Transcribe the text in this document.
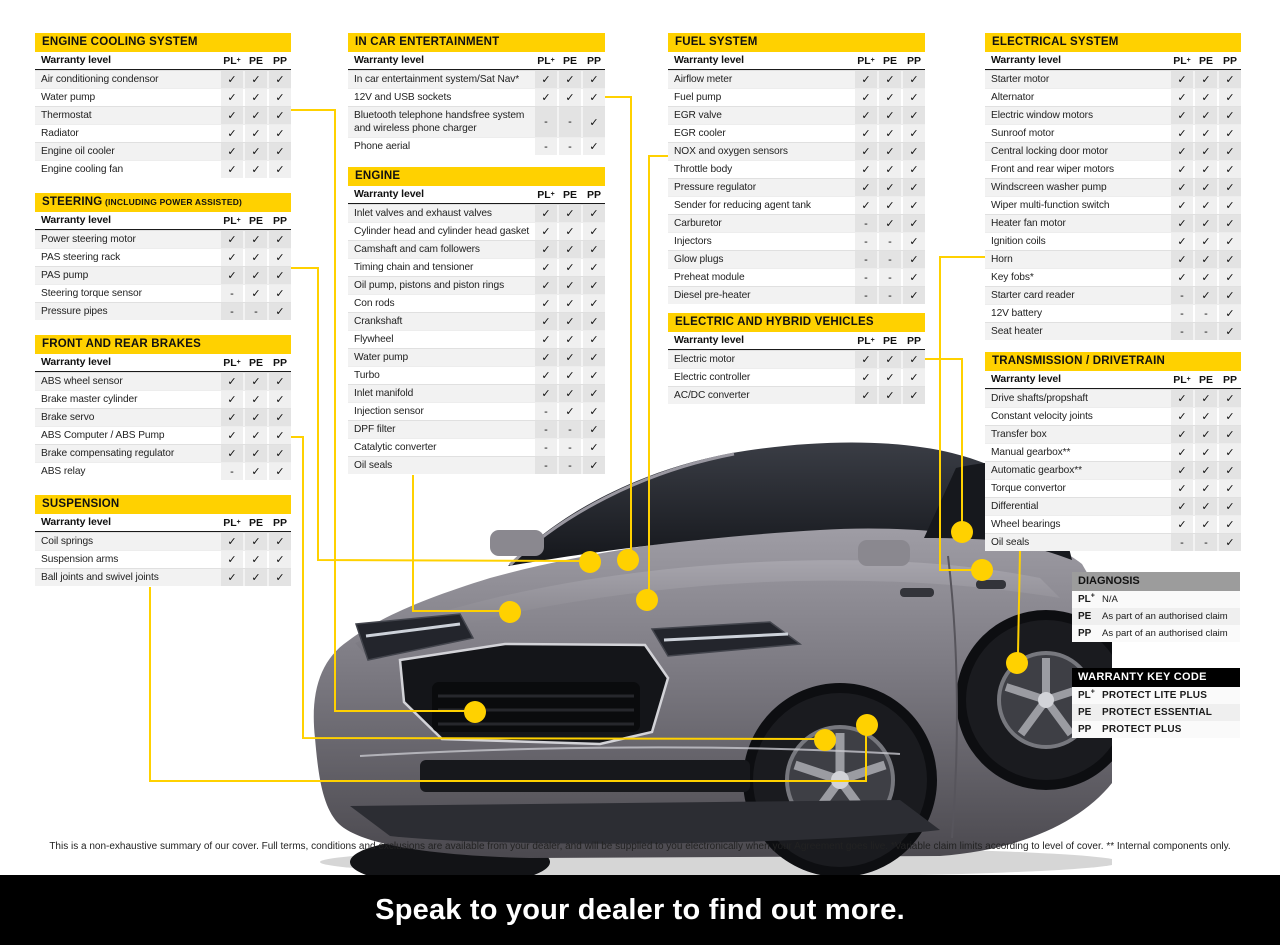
ENGINE COOLING SYSTEM
Warranty level	PL + PE PP
Air conditioning condensor	✓	✓	✓
Water pump	✓	✓	✓
Thermostat	✓	✓	✓
Radiator	✓	✓	✓
Engine oil cooler	✓	✓	✓
Engine cooling fan	✓	✓	✓
STEERING (INCLUDING POWER ASSISTED)
Warranty level	PL + PE PP
Power steering motor	✓	✓	✓
PAS steering rack	✓	✓	✓
PAS pump	✓	✓	✓
Steering torque sensor	-	✓	✓
Pressure pipes	-	-	✓
FRONT AND REAR BRAKES
Warranty level	PL + PE PP
ABS wheel sensor	✓	✓	✓
Brake master cylinder	✓	✓	✓
Brake servo	✓	✓	✓
ABS Computer / ABS Pump	✓	✓	✓
Brake compensating regulator	✓	✓	✓
ABS relay	-	✓	✓
SUSPENSION
Warranty level	PL + PE PP
Coil springs	✓	✓	✓
Suspension arms	✓	✓	✓
Ball joints and swivel joints	✓	✓	✓
IN CAR ENTERTAINMENT
Warranty level	PL + PE PP
In car entertainment system/Sat Nav*	✓	✓	✓
12V and USB sockets	✓	✓	✓
Bluetooth telephone handsfree system and wireless phone charger
-	-	✓
Phone aerial	-	-	✓
ENGINE
Warranty level	PL + PE PP
Inlet valves and exhaust valves	✓	✓	✓
Cylinder head and cylinder head gasket	✓	✓	✓
Camshaft and cam followers	✓	✓	✓
Timing chain and tensioner	✓	✓	✓
Oil pump, pistons and piston rings	✓	✓	✓
Con rods	✓	✓	✓
Crankshaft	✓	✓	✓
Flywheel	✓	✓	✓
Water pump	✓	✓	✓
Turbo	✓	✓	✓
Inlet manifold	✓	✓	✓
Injection sensor	-	✓	✓
DPF filter	-	-	✓
Catalytic converter	-	-	✓
Oil seals	-	-	✓
FUEL SYSTEM
Warranty level	PL + PE PP
Airflow meter	✓	✓	✓
Fuel pump	✓	✓	✓
EGR valve	✓	✓	✓
EGR cooler	✓	✓	✓
NOX and oxygen sensors	✓	✓	✓
Throttle body	✓	✓	✓
Pressure regulator	✓	✓	✓
Sender for reducing agent tank	✓	✓	✓
Carburetor	-	✓	✓
Injectors	-	-	✓
Glow plugs	-	-	✓
Preheat module	-	-	✓
Diesel pre-heater	-	-	✓
ELECTRIC AND HYBRID VEHICLES
Warranty level	PL + PE PP
Electric motor	✓	✓	✓
Electric controller	✓	✓	✓
AC/DC converter	✓	✓	✓
ELECTRICAL SYSTEM
Warranty level	PL + PE PP
Starter motor	✓	✓	✓
Alternator	✓	✓	✓
Electric window motors	✓	✓	✓
Sunroof motor	✓	✓	✓
Central locking door motor	✓	✓	✓
Front and rear wiper motors	✓	✓	✓
Windscreen washer pump	✓	✓	✓
Wiper multi-function switch	✓	✓	✓
Heater fan motor	✓	✓	✓
Ignition coils	✓	✓	✓
Horn	✓	✓	✓
Key fobs*	✓	✓	✓
Starter card reader	-	✓	✓
12V battery	-	-	✓
Seat heater	-	-	✓
TRANSMISSION / DRIVETRAIN
Warranty level	PL + PE PP
Drive shafts/propshaft	✓	✓	✓
Constant velocity joints	✓	✓	✓
Transfer box	✓	✓	✓
Manual gearbox**	✓	✓	✓
Automatic gearbox**	✓	✓	✓
Torque convertor	✓	✓	✓
Differential	✓	✓	✓
Wheel bearings	✓	✓	✓
Oil seals	-	-	✓
DIAGNOSIS
PL+ N/A
PE	As part of an authorised claim
PP	As part of an authorised claim
WARRANTY KEY CODE
PL+ PROTECT LITE PLUS
PE	PROTECT ESSENTIAL
PP	PROTECT PLUS
This is a non-exhaustive summary of our cover. Full terms, conditions and exclusions are available from your dealer, and will be supplied to you electronically when your Agreement goes live. *Variable claim limits according to level of cover. ** Internal components only.
Speak to your dealer to find out more.
